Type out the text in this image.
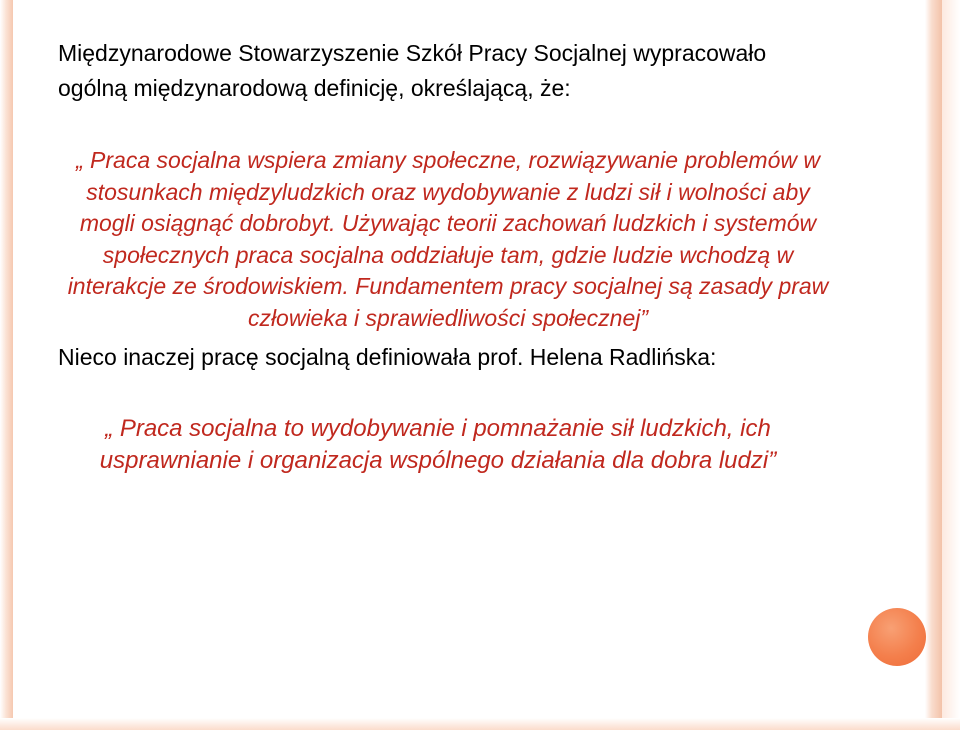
Międzynarodowe Stowarzyszenie Szkół Pracy Socjalnej wypracowało ogólną międzynarodową definicję, określającą, że:

„ Praca socjalna wspiera zmiany społeczne, rozwiązywanie problemów w stosunkach międzyludzkich oraz wydobywanie z ludzi sił i wolności aby mogli osiągnąć dobrobyt. Używając teorii zachowań ludzkich i systemów społecznych praca socjalna oddziałuje tam, gdzie ludzie wchodzą w interakcje ze środowiskiem. Fundamentem pracy socjalnej są zasady praw człowieka i sprawiedliwości społecznej”

Nieco inaczej pracę socjalną definiowała prof. Helena Radlińska:

„ Praca socjalna to wydobywanie i pomnażanie sił ludzkich, ich usprawnianie i organizacja wspólnego działania dla dobra ludzi”
